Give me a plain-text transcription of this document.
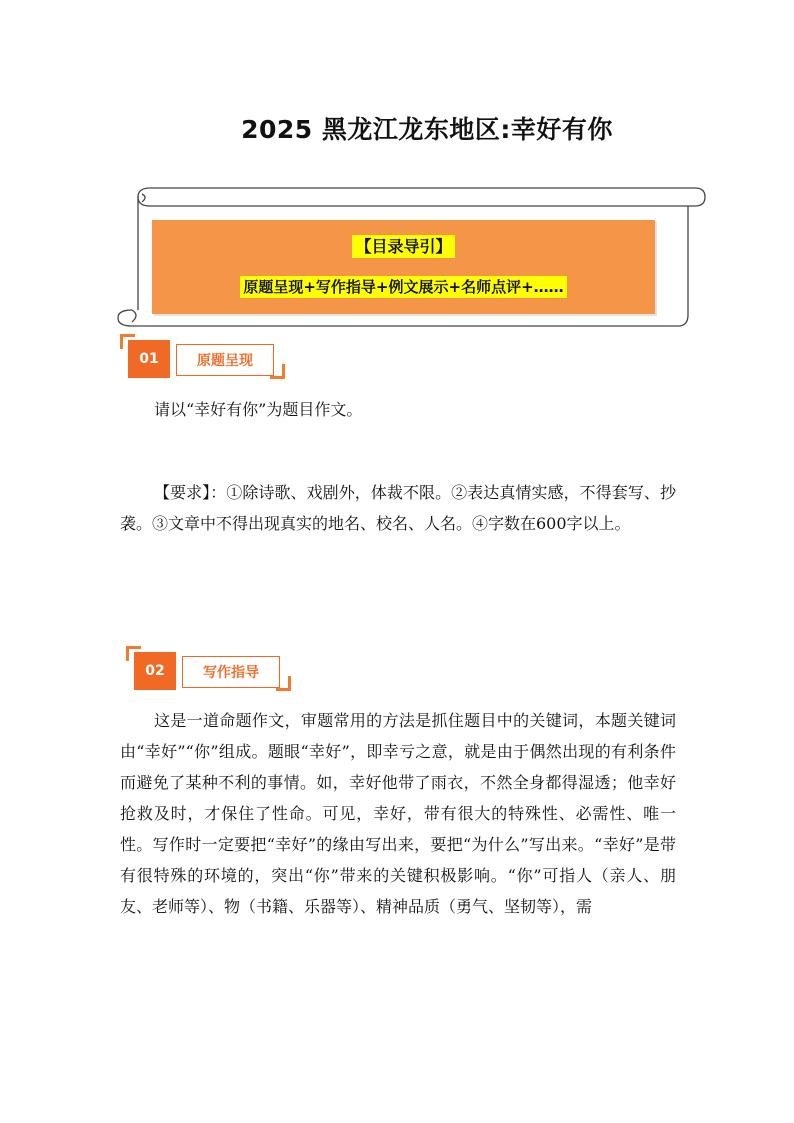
2025 黑龙江龙东地区:幸好有你
【目录导引】
原题呈现+写作指导+例文展示+名师点评+……
01	原题呈现
请以“幸好有你”为题目作文。
【要求】：①除诗歌、戏剧外，体裁不限。②表达真情实感，不得套写、抄袭。③文章中不得出现真实的地名、校名、人名。④字数在600字以上。
02	写作指导
这是一道命题作文，审题常用的方法是抓住题目中的关键词，本题关键词由“幸好”“你”组成。题眼“幸好”，即幸亏之意，就是由于偶然出现的有利条件而避免了某种不利的事情。如，幸好他带了雨衣，不然全身都得湿透；他幸好抢救及时，才保住了性命。可见，幸好，带有很大的特殊性、必需性、唯一性。写作时一定要把“幸好”的缘由写出来，要把“为什么”写出来。“幸好”是带有很特殊的环境的，突出“你”带来的关键积极影响。“你”可指人（亲人、朋友、老师等）、物（书籍、乐器等）、精神品质（勇气、坚韧等），需
